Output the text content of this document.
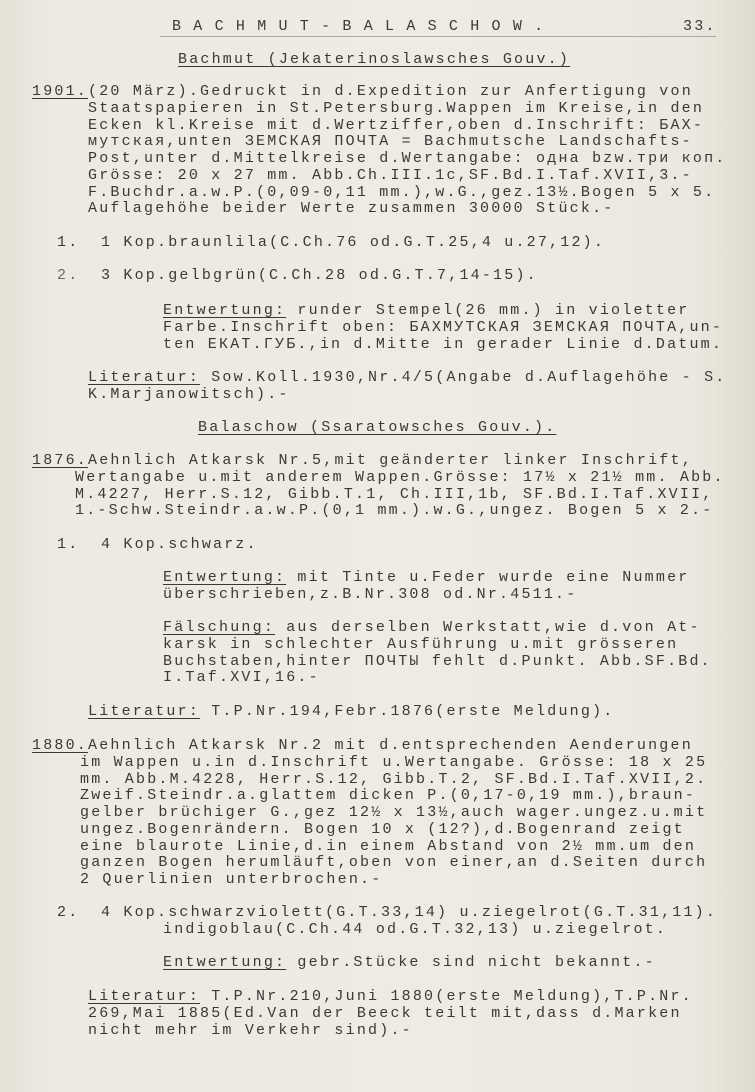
BACHMUT-BALASCHOW.	33.
Bachmut (Jekaterinoslawsches Gouv.)
1901.(20 März).Gedruckt in d.Expedition zur Anfertigung von
Staatspapieren in St.Petersburg.Wappen im Kreise,in den
Ecken kl.Kreise mit d.Wertziffer,oben d.Inschrift: БАХ-
мутская,unten ЗЕМСКАЯ ПОЧТА = Bachmutsche Landschafts-
Post,unter d.Mittelkreise d.Wertangabe: одна bzw.три коп.
Grösse: 20 x 27 mm. Abb.Ch.III.1c,SF.Bd.I.Taf.XVII,3.-
F.Buchdr.a.w.P.(0,09-0,11 mm.),w.G.,gez.13½.Bogen 5 x 5.
Auflagehöhe beider Werte zusammen 30000 Stück.-
1. 1 Kop.braunlila(C.Ch.76 od.G.T.25,4 u.27,12).
2. 3 Kop.gelbgrün(C.Ch.28 od.G.T.7,14-15).
Entwertung: runder Stempel(26 mm.) in violetter
Farbe.Inschrift oben: БАХМУТСКАЯ ЗЕМСКАЯ ПОЧТА,un-
ten ЕКАТ.ГУБ.,in d.Mitte in gerader Linie d.Datum.
Literatur: Sow.Koll.1930,Nr.4/5(Angabe d.Auflagehöhe - S.
K.Marjanowitsch).-
Balaschow (Ssaratowsches Gouv.).
1876.Aehnlich Atkarsk Nr.5,mit geänderter linker Inschrift,
Wertangabe u.mit anderem Wappen.Grösse: 17½ x 21½ mm. Abb.
M.4227, Herr.S.12, Gibb.T.1, Ch.III,1b, SF.Bd.I.Taf.XVII,
1.-Schw.Steindr.a.w.P.(0,1 mm.).w.G.,ungez. Bogen 5 x 2.-
1. 4 Kop.schwarz.
Entwertung: mit Tinte u.Feder wurde eine Nummer
überschrieben,z.B.Nr.308 od.Nr.4511.-
Fälschung: aus derselben Werkstatt,wie d.von At-
karsk in schlechter Ausführung u.mit grösseren
Buchstaben,hinter ПОЧТЫ fehlt d.Punkt. Abb.SF.Bd.
I.Taf.XVI,16.-
Literatur: T.P.Nr.194,Febr.1876(erste Meldung).
1880.Aehnlich Atkarsk Nr.2 mit d.entsprechenden Aenderungen
im Wappen u.in d.Inschrift u.Wertangabe. Grösse: 18 x 25
mm. Abb.M.4228, Herr.S.12, Gibb.T.2, SF.Bd.I.Taf.XVII,2.
Zweif.Steindr.a.glattem dicken P.(0,17-0,19 mm.),braun-
gelber brüchiger G.,gez 12½ x 13½,auch wager.ungez.u.mit
ungez.Bogenrändern. Bogen 10 x (12?),d.Bogenrand zeigt
eine blaurote Linie,d.in einem Abstand von 2½ mm.um den
ganzen Bogen herumläuft,oben von einer,an d.Seiten durch
2 Querlinien unterbrochen.-
2. 4 Kop.schwarzviolett(G.T.33,14) u.ziegelrot(G.T.31,11).
indigoblau(C.Ch.44 od.G.T.32,13) u.ziegelrot.
Entwertung: gebr.Stücke sind nicht bekannt.-
Literatur: T.P.Nr.210,Juni 1880(erste Meldung),T.P.Nr.
269,Mai 1885(Ed.Van der Beeck teilt mit,dass d.Marken
nicht mehr im Verkehr sind).-
